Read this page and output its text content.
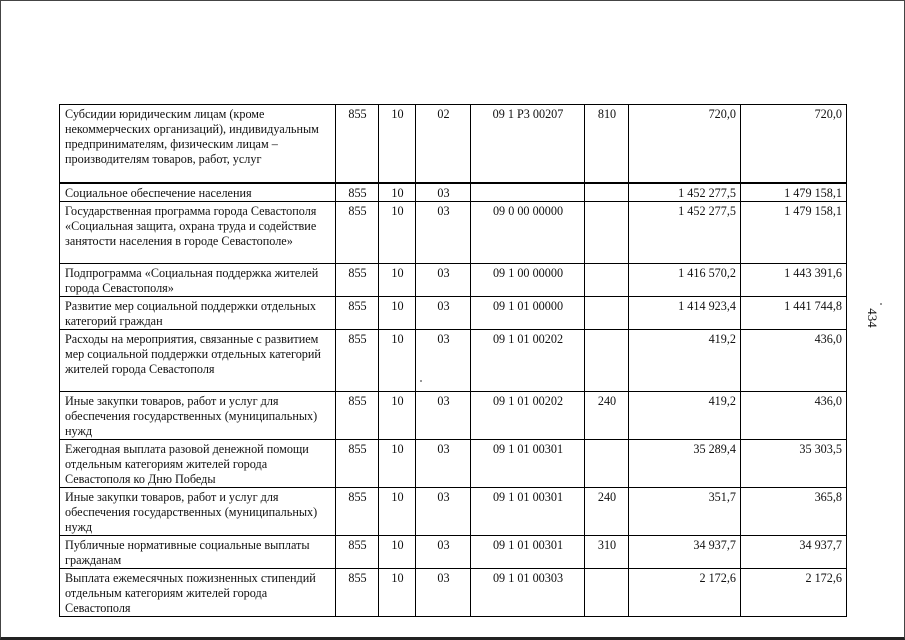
Субсидии юридическим лицам (кроме некоммерческих организаций), индивидуальным предпринимателям, физическим лицам – производителям товаров, работ, услуг	855	10	02	09 1 P3 00207	810	720,0	720,0
Социальное обеспечение населения	855	10	03			1 452 277,5	1 479 158,1
Государственная программа города Севастополя «Социальная защита, охрана труда и содействие занятости населения в городе Севастополе»	855	10	03	09 0 00 00000		1 452 277,5	1 479 158,1
Подпрограмма «Социальная поддержка жителей города Севастополя»	855	10	03	09 1 00 00000		1 416 570,2	1 443 391,6
Развитие мер социальной поддержки отдельных категорий граждан	855	10	03	09 1 01 00000		1 414 923,4	1 441 744,8
Расходы на мероприятия, связанные с развитием мер социальной поддержки отдельных категорий жителей города Севастополя	855	10	03	09 1 01 00202		419,2	436,0
Иные закупки товаров, работ и услуг для обеспечения государственных (муниципальных) нужд	855	10	03	09 1 01 00202	240	419,2	436,0
Ежегодная выплата разовой денежной помощи отдельным категориям жителей города Севастополя ко Дню Победы	855	10	03	09 1 01 00301		35 289,4	35 303,5
Иные закупки товаров, работ и услуг для обеспечения государственных (муниципальных) нужд	855	10	03	09 1 01 00301	240	351,7	365,8
Публичные нормативные социальные выплаты гражданам	855	10	03	09 1 01 00301	310	34 937,7	34 937,7
Выплата ежемесячных пожизненных стипендий отдельным категориям жителей города Севастополя	855	10	03	09 1 01 00303		2 172,6	2 172,6
434
